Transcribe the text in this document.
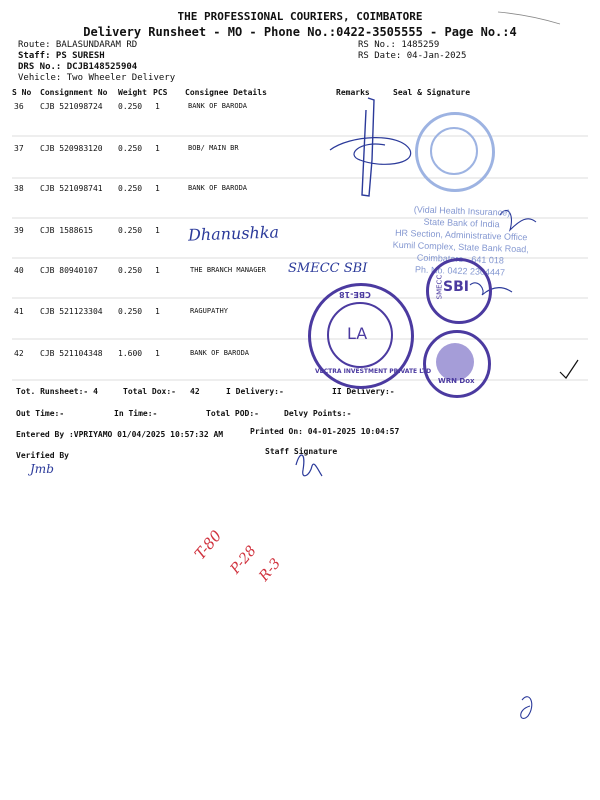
THE PROFESSIONAL COURIERS, COIMBATORE
Delivery Runsheet - MO - Phone No.:0422-3505555 - Page No.:4
Route: BALASUNDARAM RD
Staff: PS SURESH
DRS No.: DCJB148525904
Vehicle: Two Wheeler Delivery
RS No.: 1485259
RS Date: 04-Jan-2025
S No Consignment No Weight PCS Consignee Details	Remarks	Seal & Signature
36 CJB 521098724 0.250 1	BANK OF BARODA
37 CJB 520983120 0.250 1	BOB/ MAIN BR
38 CJB 521098741 0.250 1	BANK OF BARODA
39 CJB 1588615	0.250 1
40 CJB 80940107	0.250 1	THE BRANCH MANAGER
41 CJB 521123304 0.250 1	RAGUPATHY
42 CJB 521104348 1.600 1	BANK OF BARODA
Tot. Runsheet:- 4	Total Dox:- 42	I Delivery:-	II Delivery:-
Out Time:-	In Time:-	Total POD:-	Delvy Points:-
Entered By :VPRIYAMO 01/04/2025 10:57:32 AM	Printed On: 04-01-2025 10:04:57
Verified By	Staff Signature
Dhanushka
SMECC SBI
Jmb
T-80 P-28
R-3
(Vidal Health Insurance)
State Bank of India
HR Section, Administrative Office
Kumil Complex, State Bank Road,
Coimbatore - 641 018
Ph. No. 0422 2304447
SBI
SMECC
CBE-18
LA
VECTRA INVESTMENT PRIVATE LTD
WRN Dox
